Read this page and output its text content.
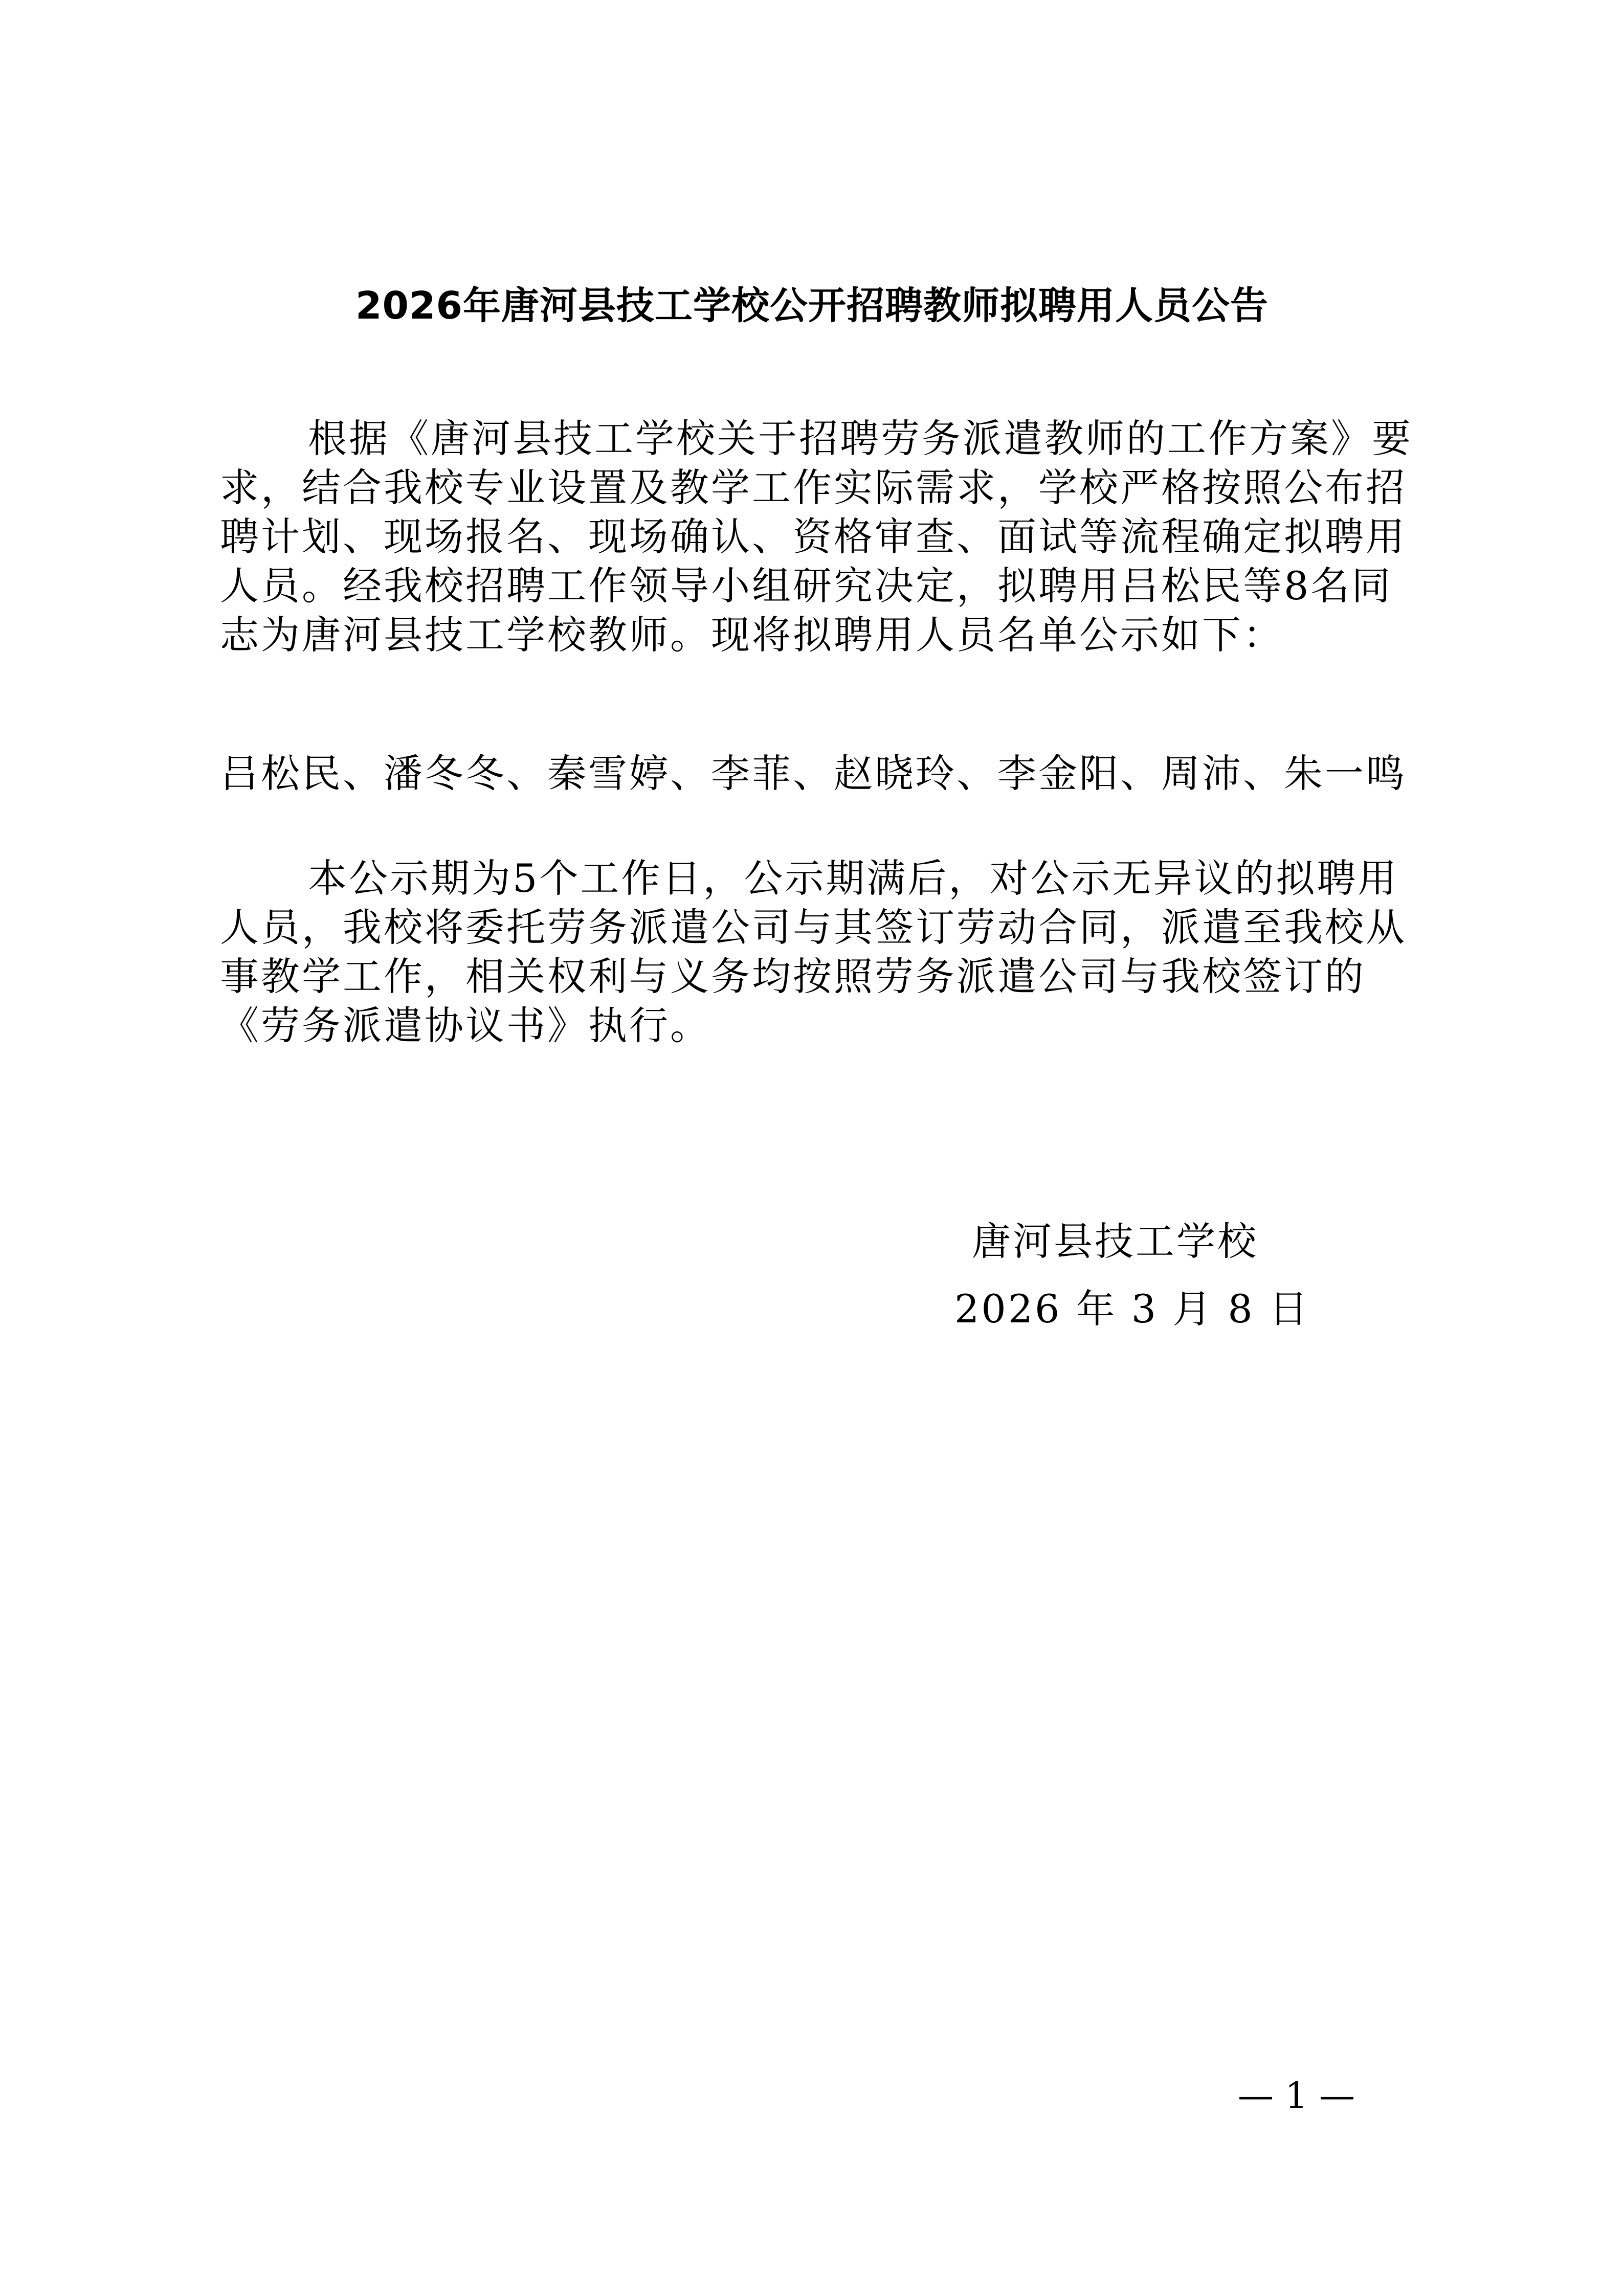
2026年唐河县技工学校公开招聘教师拟聘用人员公告
根据《唐河县技工学校关于招聘劳务派遣教师的工作方案》要求，结合我校专业设置及教学工作实际需求，学校严格按照公布招聘计划、现场报名、现场确认、资格审查、面试等流程确定拟聘用人员。经我校招聘工作领导小组研究决定，拟聘用吕松民等8名同志为唐河县技工学校教师。现将拟聘用人员名单公示如下：
吕松民、潘冬冬、秦雪婷、李菲、赵晓玲、李金阳、周沛、朱一鸣
本公示期为5个工作日，公示期满后，对公示无异议的拟聘用人员，我校将委托劳务派遣公司与其签订劳动合同，派遣至我校从事教学工作，相关权利与义务均按照劳务派遣公司与我校签订的《劳务派遣协议书》执行。
唐河县技工学校
2026 年 3 月 8 日
— 1 —
